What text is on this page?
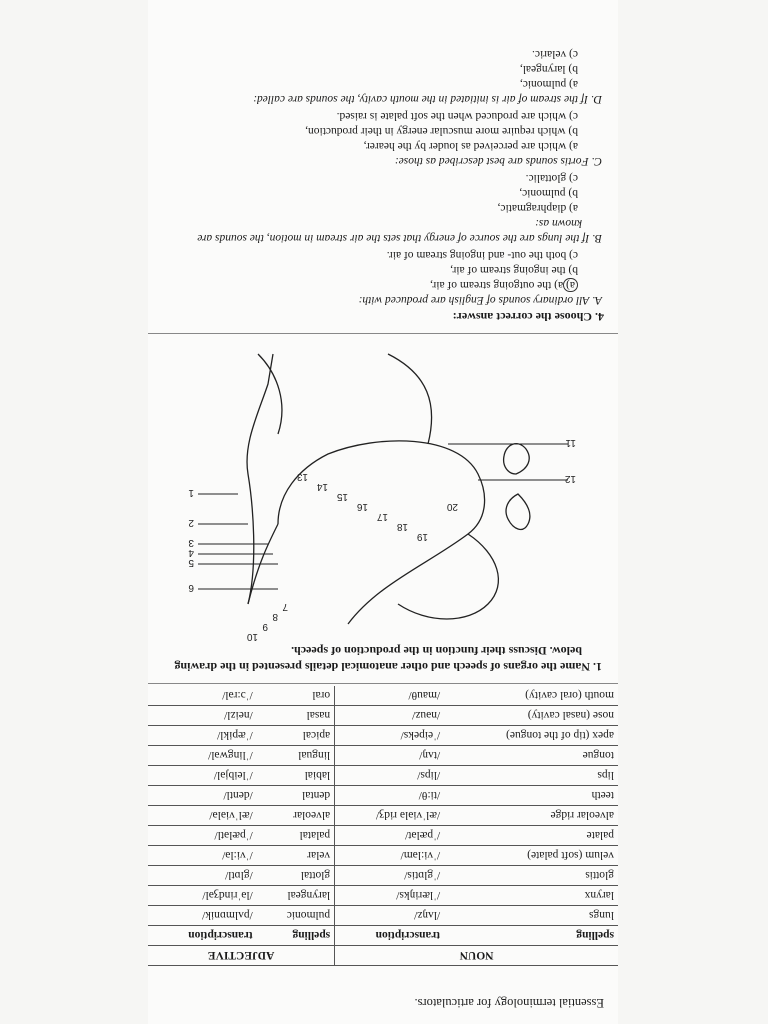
Essential terminology for articulators.
NOUN		ADJECTIVE	
spelling	transcription	spelling	transcription
lungs	/lʌŋz/	pulmonic	/pʌlmɒnik/
larynx	/ˈlæriŋks/	laryngeal	/ləˈrindʒəl/
glottis	/ˈglɒtis/	glottal	/glɒtl/
velum (soft palate)	/ˈvi:ləm/	velar	/ˈvi:lə/
palate	/ˈpælət/	palatal	/ˈpælətl/
alveolar ridge	/ælˈviələ ridʒ/	alveolar	/ælˈviələ/
teeth	/ti:θ/	dental	/dentl/
lips	/lips/	labial	/ˈleibjəl/
tongue	/tʌŋ/	lingual	/ˈlingwəl/
apex (tip of the tongue)	/ˈeipeks/	apical	/ˈæpikl/
nose (nasal cavity)	/nəuz/	nasal	/neizl/
mouth (oral cavity)	/mauθ/	oral	/ˈɔ:rəl/
1. Name the organs of speech and other anatomical details presented in the drawing
below. Discuss their function in the production of speech.
11
12
1
2
3
4
5
6
20
19
18
17
16
15
14
13
7
8
9
10
4. Choose the correct answer:
A. All ordinary sounds of English are produced with:
a)a) the outgoing stream of air,
b) the ingoing stream of air,
c) both the out- and ingoing stream of air.
B. If the lungs are the source of energy that sets the air stream in motion, the sounds are
known as:
a) diaphragmatic,
b) pulmonic,
c) glottalic.
C. Fortis sounds are best described as those:
a) which are perceived as louder by the hearer,
b) which require more muscular energy in their production,
c) which are produced when the soft palate is raised.
D. If the stream of air is initiated in the mouth cavity, the sounds are called:
a) pulmonic,
b) laryngeal,
c) velaric.
